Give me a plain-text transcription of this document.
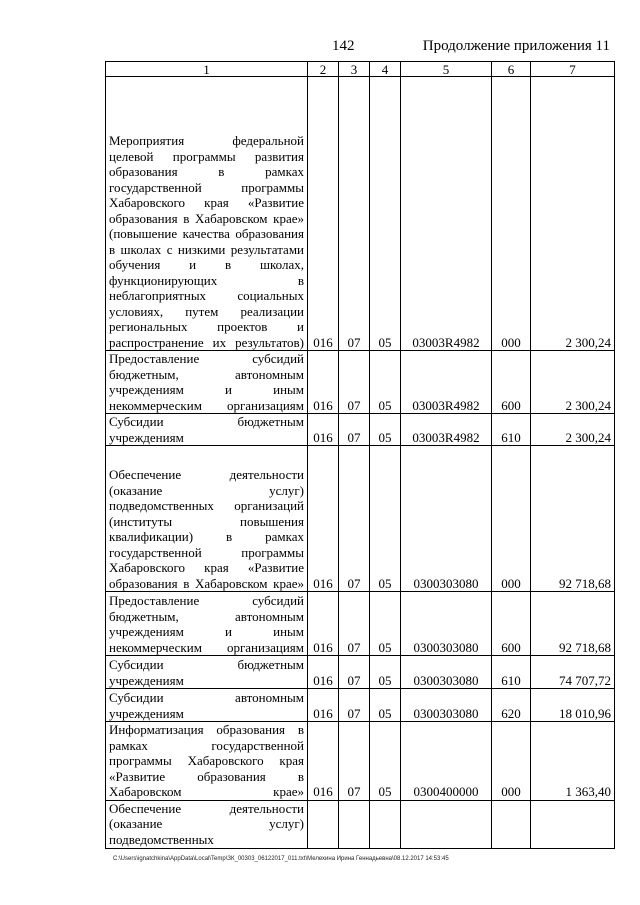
142	Продолжение приложения 11
1	2	3	4	5	6	7
Мероприятия федеральной целевой программы развития образования в рамках государственной программы Хабаровского края «Развитие образования в Хабаровском крае» (повышение качества образования в школах с низкими результатами обучения и в школах, функционирующих в неблагоприятных социальных условиях, путем реализации региональных проектов и распространение их результатов)	016	07	05	03003R4982	000	2 300,24
Предоставление субсидий бюджетным, автономным учреждениям и иным некоммерческим организациям	016	07	05	03003R4982	600	2 300,24
Субсидии бюджетным учреждениям	016	07	05	03003R4982	610	2 300,24
Обеспечение деятельности (оказание услуг) подведомственных организаций (институты повышения квалификации) в рамках государственной программы Хабаровского края «Развитие образования в Хабаровском крае»	016	07	05	0300303080	000	92 718,68
Предоставление субсидий бюджетным, автономным учреждениям и иным некоммерческим организациям	016	07	05	0300303080	600	92 718,68
Субсидии бюджетным учреждениям	016	07	05	0300303080	610	74 707,72
Субсидии автономным учреждениям	016	07	05	0300303080	620	18 010,96
Информатизация образования в рамках государственной программы Хабаровского края «Развитие образования в Хабаровском крае»	016	07	05	0300400000	000	1 363,40
Обеспечение деятельности (оказание услуг) подведомственных						
C:\Users\ignatchkina\AppData\Local\Temp\ЗК_00303_06122017_011.txt\Мелехина Ирина Геннадьевна\08.12.2017 14:53:45
